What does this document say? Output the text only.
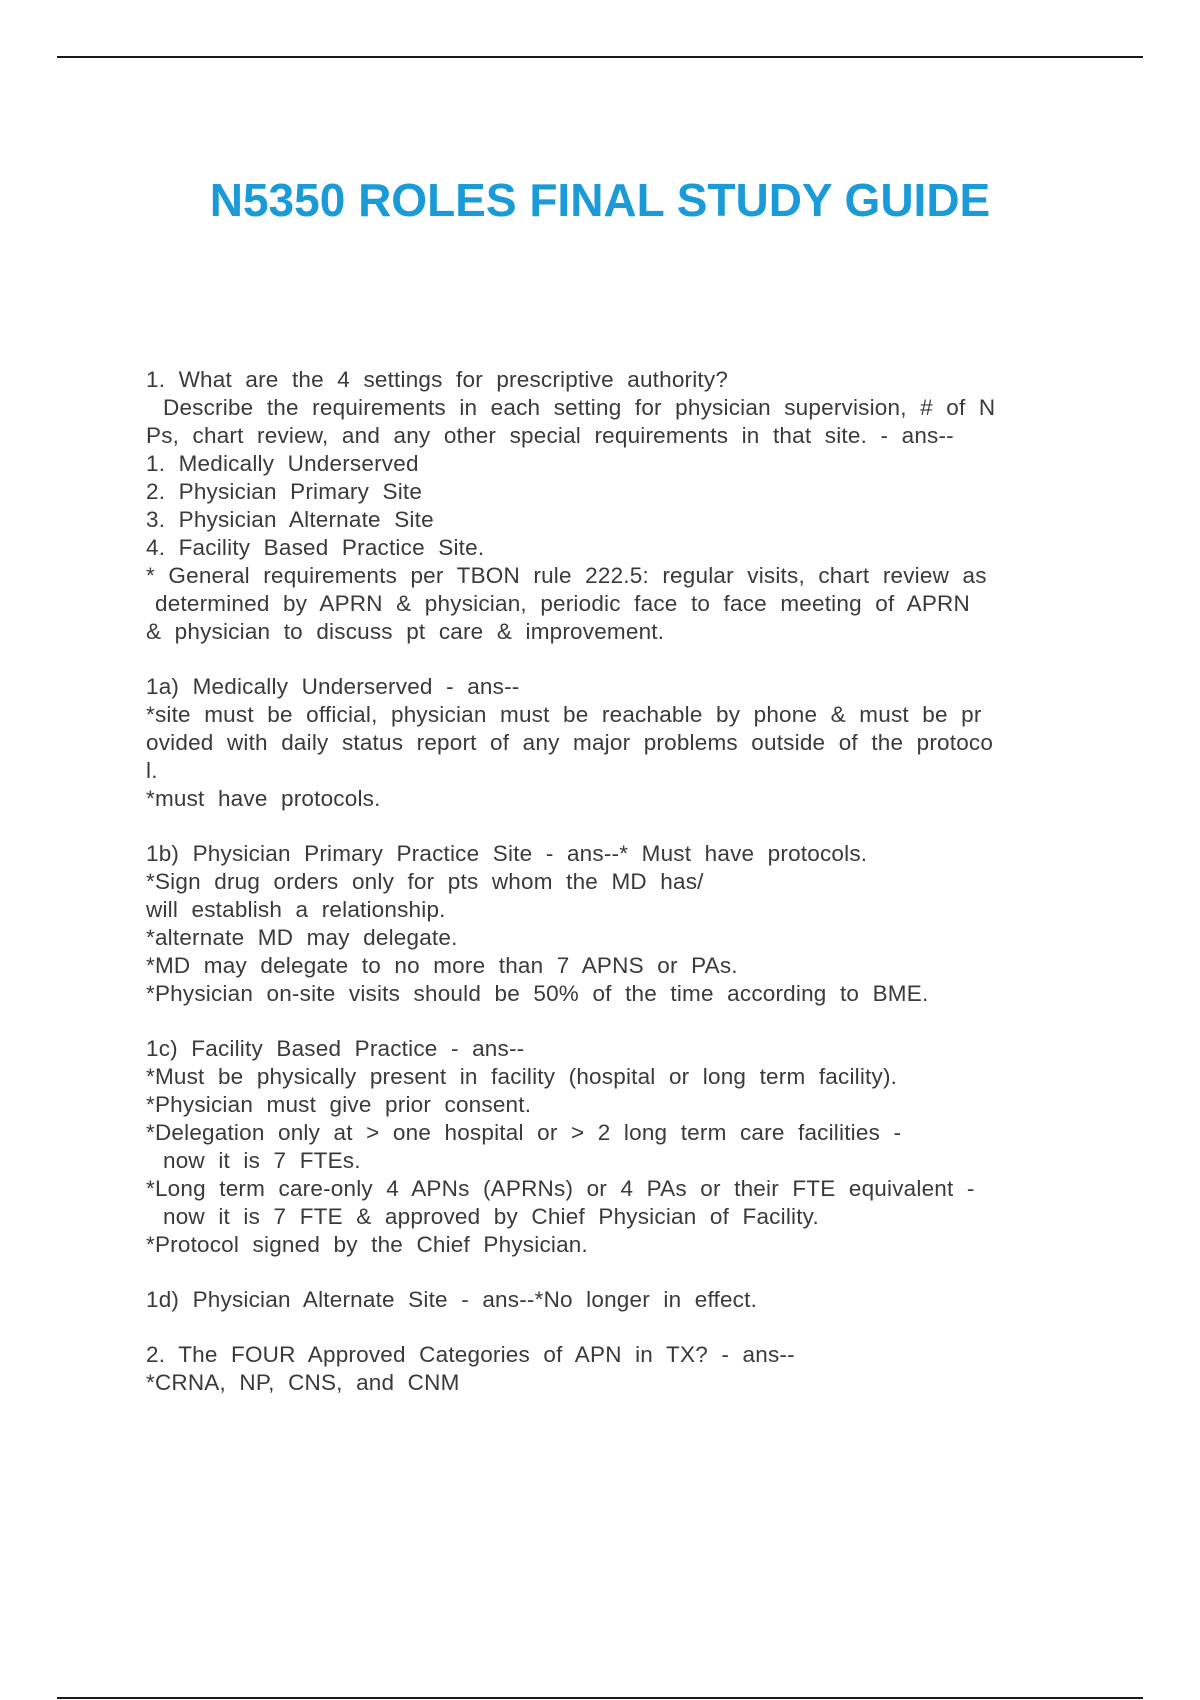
N5350 ROLES FINAL STUDY GUIDE
1. What are the 4 settings for prescriptive authority?
Describe the requirements in each setting for physician supervision, # of N
Ps, chart review, and any other special requirements in that site. - ans--
1. Medically Underserved
2. Physician Primary Site
3. Physician Alternate Site
4. Facility Based Practice Site.
* General requirements per TBON rule 222.5: regular visits, chart review as
determined by APRN & physician, periodic face to face meeting of APRN
& physician to discuss pt care & improvement.
1a) Medically Underserved - ans--
*site must be official, physician must be reachable by phone & must be pr
ovided with daily status report of any major problems outside of the protoco
l.
*must have protocols.
1b) Physician Primary Practice Site - ans--* Must have protocols.
*Sign drug orders only for pts whom the MD has/
will establish a relationship.
*alternate MD may delegate.
*MD may delegate to no more than 7 APNS or PAs.
*Physician on-site visits should be 50% of the time according to BME.
1c) Facility Based Practice - ans--
*Must be physically present in facility (hospital or long term facility).
*Physician must give prior consent.
*Delegation only at > one hospital or > 2 long term care facilities -
now it is 7 FTEs.
*Long term care-only 4 APNs (APRNs) or 4 PAs or their FTE equivalent -
now it is 7 FTE & approved by Chief Physician of Facility.
*Protocol signed by the Chief Physician.
1d) Physician Alternate Site - ans--*No longer in effect.
2. The FOUR Approved Categories of APN in TX? - ans--
*CRNA, NP, CNS, and CNM
